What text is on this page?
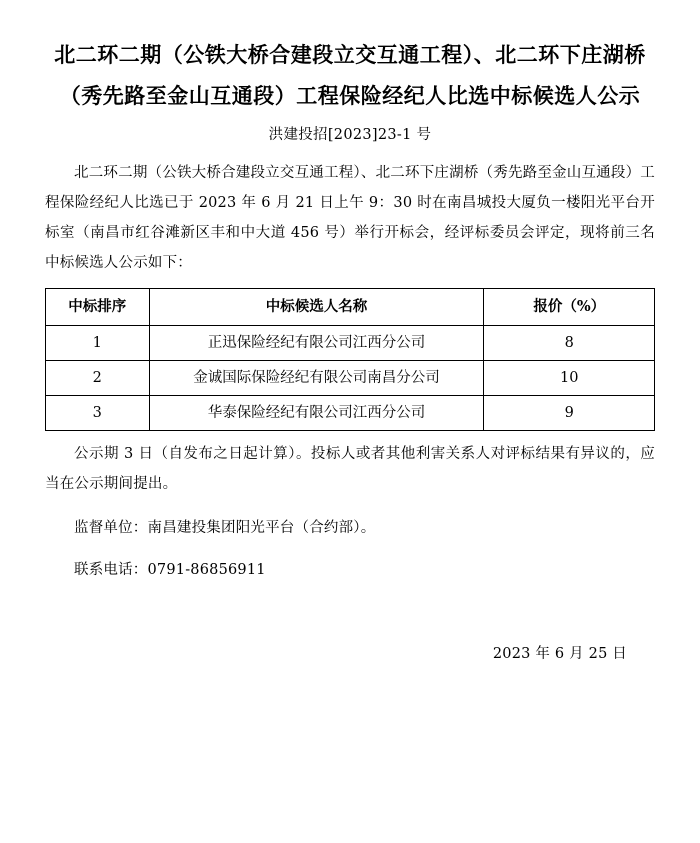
北二环二期（公铁大桥合建段立交互通工程）、北二环下庄湖桥（秀先路至金山互通段）工程保险经纪人比选中标候选人公示
洪建投招[2023]23-1 号

北二环二期（公铁大桥合建段立交互通工程）、北二环下庄湖桥（秀先路至金山互通段）工程保险经纪人比选已于 2023 年 6 月 21 日上午 9：30 时在南昌城投大厦负一楼阳光平台开标室（南昌市红谷滩新区丰和中大道 456 号）举行开标会，经评标委员会评定，现将前三名中标候选人公示如下：

中标排序	中标候选人名称	报价（%）
1	正迅保险经纪有限公司江西分公司	8
2	金诚国际保险经纪有限公司南昌分公司	10
3	华泰保险经纪有限公司江西分公司	9

公示期 3 日（自发布之日起计算）。投标人或者其他利害关系人对评标结果有异议的，应当在公示期间提出。

监督单位：南昌建投集团阳光平台（合约部）。

联系电话：0791-86856911

2023 年 6 月 25 日
